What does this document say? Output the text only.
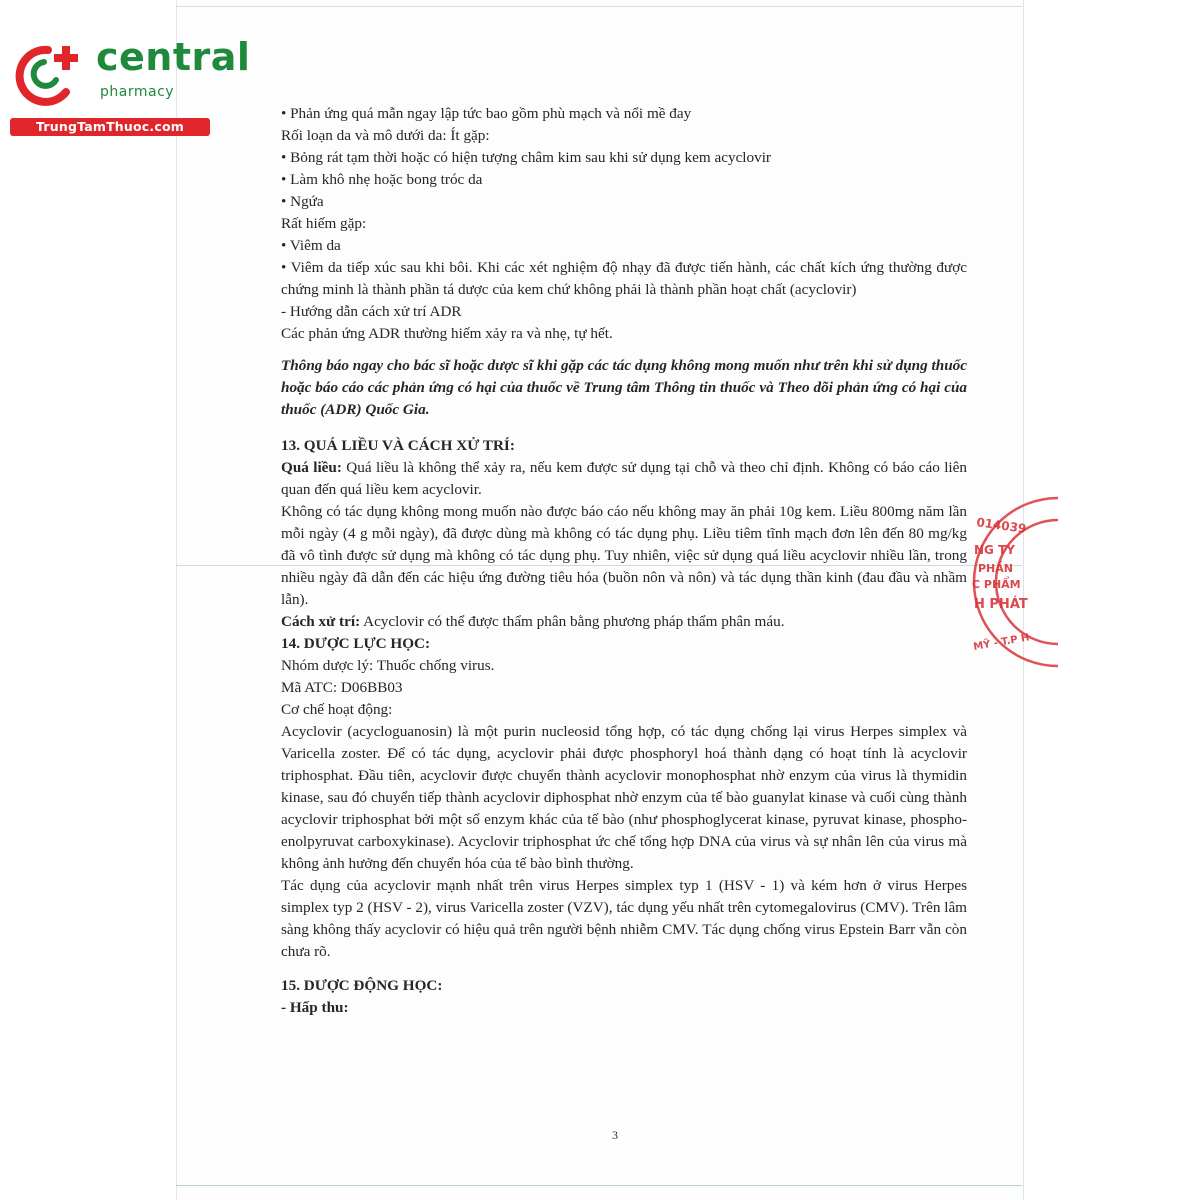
central
pharmacy
TrungTamThuoc.com

• Phản ứng quá mẫn ngay lập tức bao gồm phù mạch và nổi mề đay

Rối loạn da và mô dưới da: Ít gặp:

• Bỏng rát tạm thời hoặc có hiện tượng châm kim sau khi sử dụng kem acyclovir

• Làm khô nhẹ hoặc bong tróc da

• Ngứa

Rất hiếm gặp:

• Viêm da

• Viêm da tiếp xúc sau khi bôi. Khi các xét nghiệm độ nhạy đã được tiến hành, các chất kích ứng thường được chứng minh là thành phần tá dược của kem chứ không phải là thành phần hoạt chất (acyclovir)

- Hướng dẫn cách xử trí ADR

Các phản ứng ADR thường hiếm xảy ra và nhẹ, tự hết.

Thông báo ngay cho bác sĩ hoặc dược sĩ khi gặp các tác dụng không mong muốn như trên khi sử dụng thuốc hoặc báo cáo các phản ứng có hại của thuốc về Trung tâm Thông tin thuốc và Theo dõi phản ứng có hại của thuốc (ADR) Quốc Gia.

13. QUÁ LIỀU VÀ CÁCH XỬ TRÍ:

Quá liều: Quá liều là không thể xảy ra, nếu kem được sử dụng tại chỗ và theo chỉ định. Không có báo cáo liên quan đến quá liều kem acyclovir.

Không có tác dụng không mong muốn nào được báo cáo nếu không may ăn phải 10g kem. Liều 800mg năm lần mỗi ngày (4 g mỗi ngày), đã được dùng mà không có tác dụng phụ. Liều tiêm tĩnh mạch đơn lên đến 80 mg/kg đã vô tình được sử dụng mà không có tác dụng phụ. Tuy nhiên, việc sử dụng quá liều acyclovir nhiều lần, trong nhiều ngày đã dẫn đến các hiệu ứng đường tiêu hóa (buồn nôn và nôn) và tác dụng thần kinh (đau đầu và nhầm lẫn).

Cách xử trí: Acyclovir có thể được thẩm phân bằng phương pháp thẩm phân máu.

14. DƯỢC LỰC HỌC:

Nhóm dược lý: Thuốc chống virus.

Mã ATC: D06BB03

Cơ chế hoạt động:

Acyclovir (acycloguanosin) là một purin nucleosid tổng hợp, có tác dụng chống lại virus Herpes simplex và Varicella zoster. Để có tác dụng, acyclovir phải được phosphoryl hoá thành dạng có hoạt tính là acyclovir triphosphat. Đầu tiên, acyclovir được chuyển thành acyclovir monophosphat nhờ enzym của virus là thymidin kinase, sau đó chuyển tiếp thành acyclovir diphosphat nhờ enzym của tế bào guanylat kinase và cuối cùng thành acyclovir triphosphat bởi một số enzym khác của tế bào (như phosphoglycerat kinase, pyruvat kinase, phospho-enolpyruvat carboxykinase). Acyclovir triphosphat ức chế tổng hợp DNA của virus và sự nhân lên của virus mà không ảnh hưởng đến chuyển hóa của tế bào bình thường.

Tác dụng của acyclovir mạnh nhất trên virus Herpes simplex typ 1 (HSV - 1) và kém hơn ở virus Herpes simplex typ 2 (HSV - 2), virus Varicella zoster (VZV), tác dụng yếu nhất trên cytomegalovirus (CMV). Trên lâm sàng không thấy acyclovir có hiệu quả trên người bệnh nhiễm CMV. Tác dụng chống virus Epstein Barr vẫn còn chưa rõ.

15. DƯỢC ĐỘNG HỌC:

- Hấp thu:

3
014039
NG TY
PHẦN
C PHẨM
H PHÁT
MỸ - T.P H
